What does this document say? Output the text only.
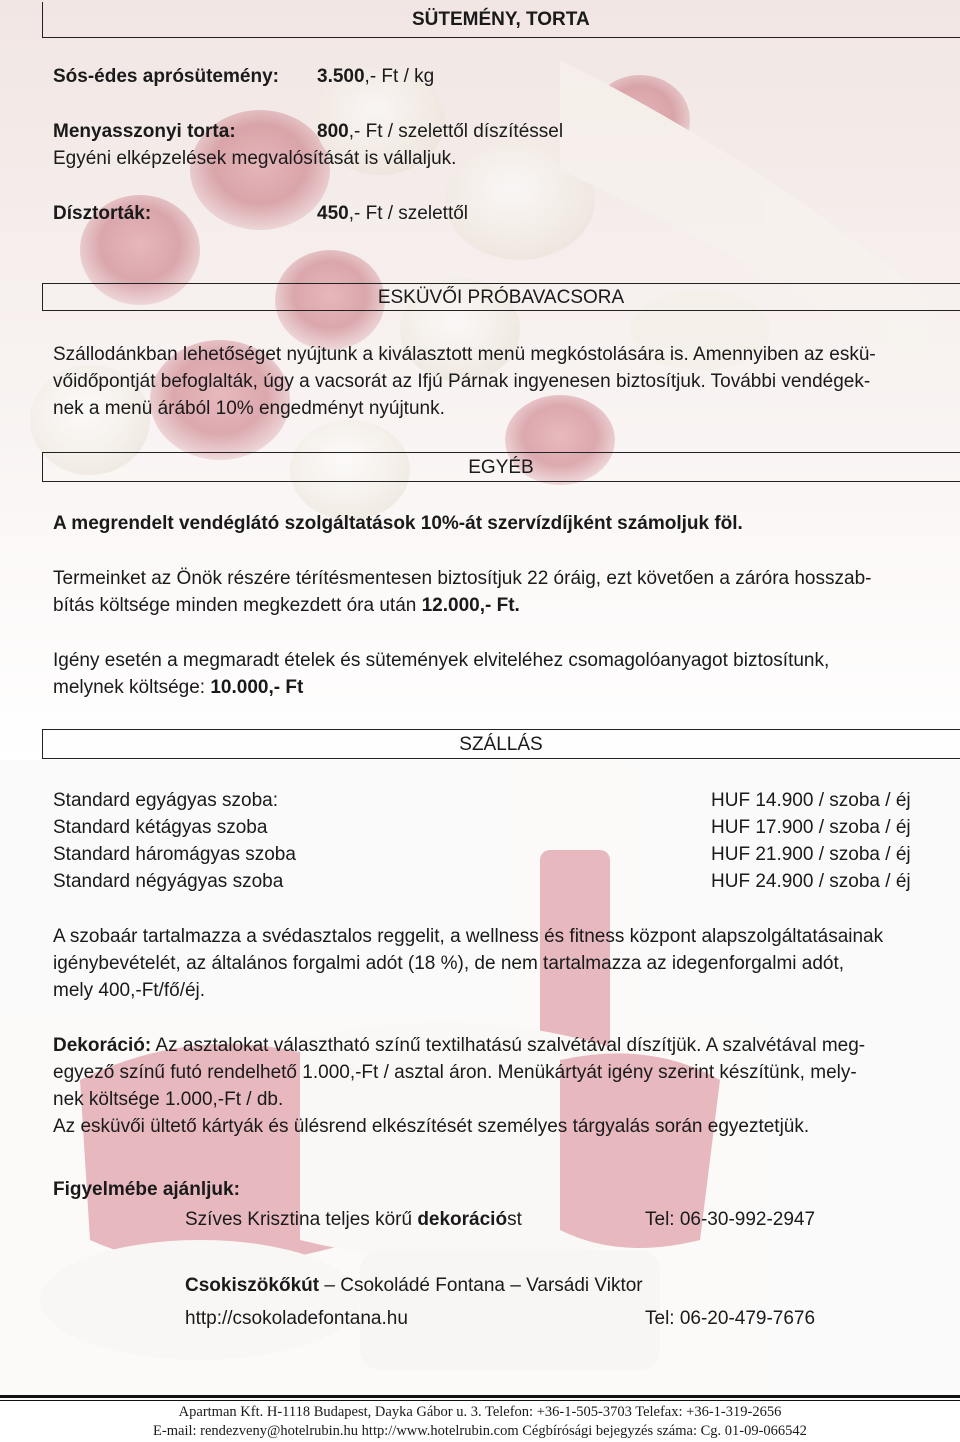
SÜTEMÉNY, TORTA
Sós-édes aprósütemény: 3.500,- Ft / kg
Menyasszonyi torta:	800,- Ft / szelettől díszítéssel
Egyéni elképzelések megvalósítását is vállaljuk.
Dísztorták:	450,- Ft / szelettől
ESKÜVŐI PRÓBAVACSORA
Szállodánkban lehetőséget nyújtunk a kiválasztott menü megkóstolására is. Amennyiben az eskü-
vőidőpontját befoglalták, úgy a vacsorát az Ifjú Párnak ingyenesen biztosítjuk. További vendégek-
nek a menü árából 10% engedményt nyújtunk.
EGYÉB
A megrendelt vendéglátó szolgáltatások 10%-át szervízdíjként számoljuk föl.
Termeinket az Önök részére térítésmentesen biztosítjuk 22 óráig, ezt követően a záróra hosszab-
bítás költsége minden megkezdett óra után 12.000,- Ft.
Igény esetén a megmaradt ételek és sütemények elviteléhez csomagolóanyagot biztosítunk,
melynek költsége: 10.000,- Ft
SZÁLLÁS
Standard egyágyas szoba:	HUF 14.900 / szoba / éj
Standard kétágyas szoba	HUF 17.900 / szoba / éj
Standard háromágyas szoba	HUF 21.900 / szoba / éj
Standard négyágyas szoba	HUF 24.900 / szoba / éj
A szobaár tartalmazza a svédasztalos reggelit, a wellness és fitness központ alapszolgáltatásainak
igénybevételét, az általános forgalmi adót (18 %), de nem tartalmazza az idegenforgalmi adót,
mely 400,-Ft/fő/éj.
Dekoráció: Az asztalokat választható színű textilhatású szalvétával díszítjük. A szalvétával meg-
egyező színű futó rendelhető 1.000,-Ft / asztal áron. Menükártyát igény szerint készítünk, mely-
nek költsége 1.000,-Ft / db.
Az esküvői ültető kártyák és ülésrend elkészítését személyes tárgyalás során egyeztetjük.
Figyelmébe ajánljuk:
Szíves Krisztina teljes körű dekorációst	Tel: 06-30-992-2947
Csokiszökőkút – Csokoládé Fontana – Varsádi Viktor
http://csokoladefontana.hu	Tel: 06-20-479-7676
Apartman Kft. H-1118 Budapest, Dayka Gábor u. 3. Telefon: +36-1-505-3703 Telefax: +36-1-319-2656
E-mail: rendezveny@hotelrubin.hu http://www.hotelrubin.com Cégbírósági bejegyzés száma: Cg. 01-09-066542
